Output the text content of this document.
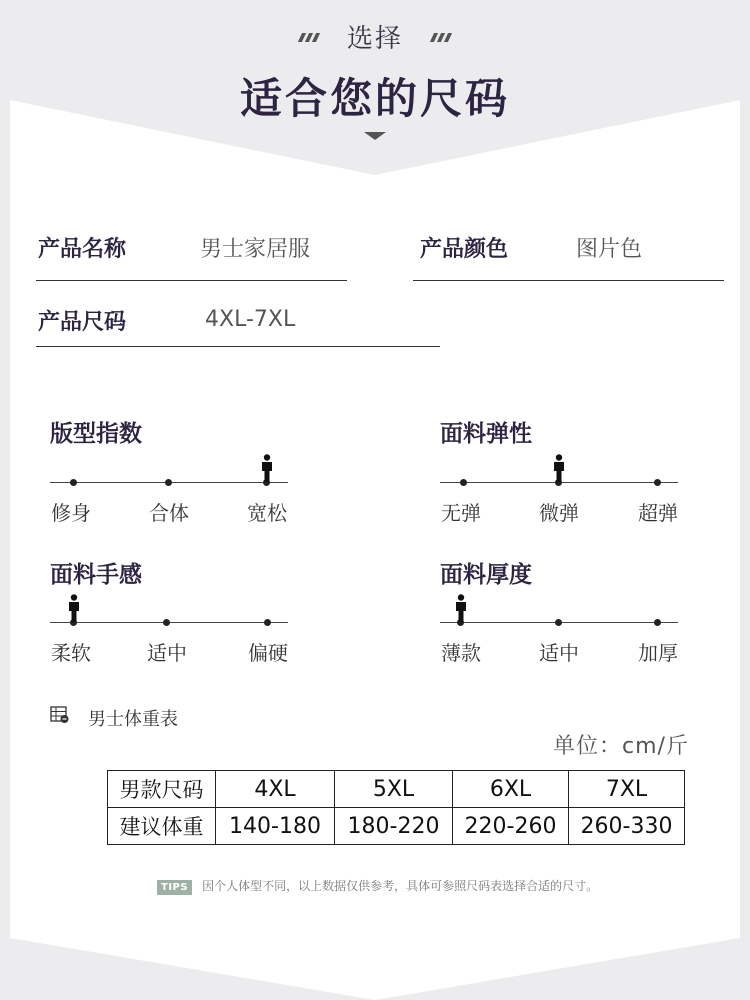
选择
适合您的尺码
产品名称	男士家居服	产品颜色	图片色
产品尺码	4XL-7XL
版型指数
修身	合体	宽松
面料弹性
无弹	微弹	超弹
面料手感
柔软	适中	偏硬
面料厚度
薄款	适中	加厚
男士体重表
单位：cm/斤
男款尺码	4XL	5XL	6XL	7XL
建议体重	140-180	180-220	220-260	260-330
TIPS 因个人体型不同，以上数据仅供参考，具体可参照尺码表选择合适的尺寸。
